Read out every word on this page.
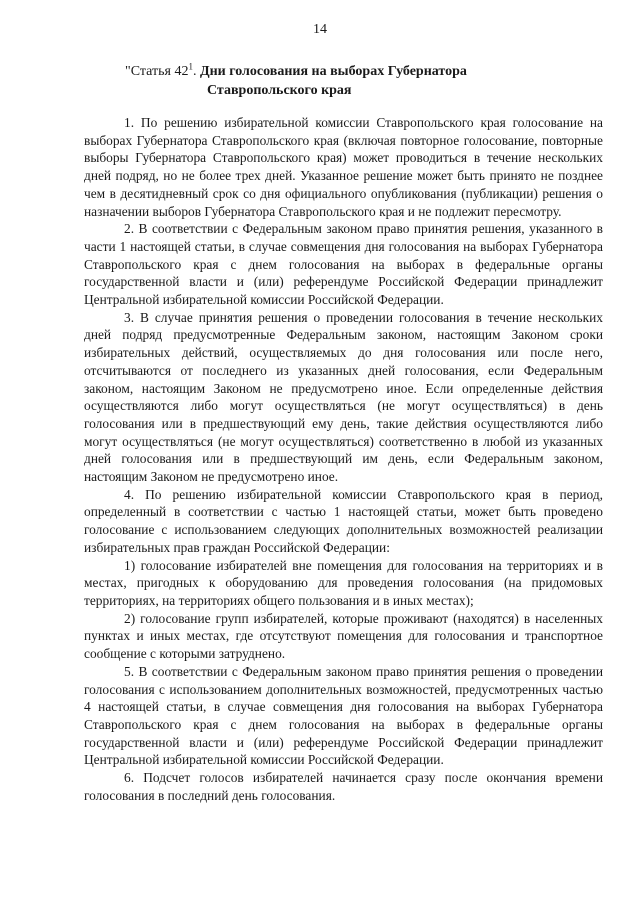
14
"Статья $42^1$. Дни голосования на выборах Губернатора
Ставропольского края

1. По решению избирательной комиссии Ставропольского края голосование на выборах Губернатора Ставропольского края (включая повторное голосование, повторные выборы Губернатора Ставропольского края) может проводиться в течение нескольких дней подряд, но не более трех дней. Указанное решение может быть принято не позднее чем в десятидневный срок со дня официального опубликования (публикации) решения о назначении выборов Губернатора Ставропольского края и не подлежит пересмотру.

2. В соответствии с Федеральным законом право принятия решения, указанного в части 1 настоящей статьи, в случае совмещения дня голосования на выборах Губернатора Ставропольского края с днем голосования на выборах в федеральные органы государственной власти и (или) референдуме Российской Федерации принадлежит Центральной избирательной комиссии Российской Федерации.

3. В случае принятия решения о проведении голосования в течение нескольких дней подряд предусмотренные Федеральным законом, настоящим Законом сроки избирательных действий, осуществляемых до дня голосования или после него, отсчитываются от последнего из указанных дней голосования, если Федеральным законом, настоящим Законом не предусмотрено иное. Если определенные действия осуществляются либо могут осуществляться (не могут осуществляться) в день голосования или в предшествующий ему день, такие действия осуществляются либо могут осуществляться (не могут осуществляться) соответственно в любой из указанных дней голосования или в предшествующий им день, если Федеральным законом, настоящим Законом не предусмотрено иное.

4. По решению избирательной комиссии Ставропольского края в период, определенный в соответствии с частью 1 настоящей статьи, может быть проведено голосование с использованием следующих дополнительных возможностей реализации избирательных прав граждан Российской Федерации:

1) голосование избирателей вне помещения для голосования на территориях и в местах, пригодных к оборудованию для проведения голосования (на придомовых территориях, на территориях общего пользования и в иных местах);

2) голосование групп избирателей, которые проживают (находятся) в населенных пунктах и иных местах, где отсутствуют помещения для голосования и транспортное сообщение с которыми затруднено.

5. В соответствии с Федеральным законом право принятия решения о проведении голосования с использованием дополнительных возможностей, предусмотренных частью 4 настоящей статьи, в случае совмещения дня голосования на выборах Губернатора Ставропольского края с днем голосования на выборах в федеральные органы государственной власти и (или) референдуме Российской Федерации принадлежит Центральной избирательной комиссии Российской Федерации.

6. Подсчет голосов избирателей начинается сразу после окончания времени голосования в последний день голосования.
